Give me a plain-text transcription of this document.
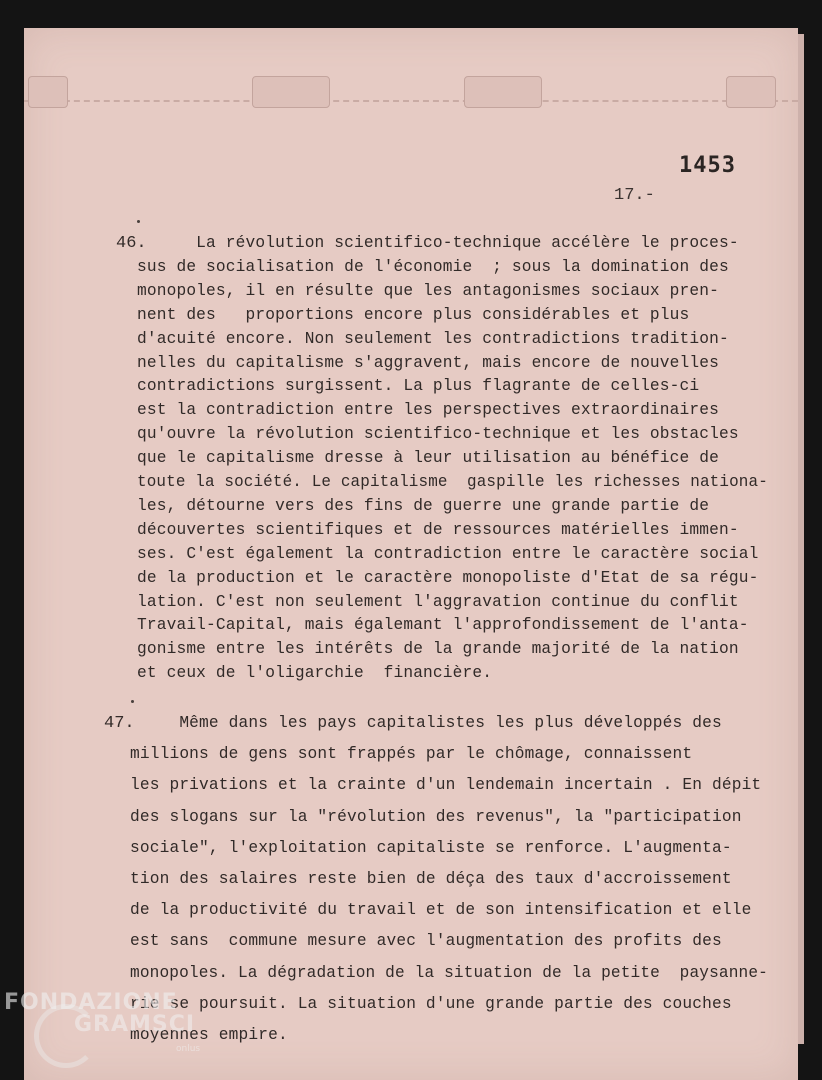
1453
17.-
46.
La révolution scientifico-technique accélère le proces-
sus de socialisation de l'économie  ; sous la domination des
monopoles, il en résulte que les antagonismes sociaux pren-
nent des   proportions encore plus considérables et plus
d'acuité encore. Non seulement les contradictions tradition-
nelles du capitalisme s'aggravent, mais encore de nouvelles
contradictions surgissent. La plus flagrante de celles-ci
est la contradiction entre les perspectives extraordinaires
qu'ouvre la révolution scientifico-technique et les obstacles
que le capitalisme dresse à leur utilisation au bénéfice de
toute la société. Le capitalisme  gaspille les richesses nationa-
les, détourne vers des fins de guerre une grande partie de
découvertes scientifiques et de ressources matérielles immen-
ses. C'est également la contradiction entre le caractère social
de la production et le caractère monopoliste d'Etat de sa régu-
lation. C'est non seulement l'aggravation continue du conflit
Travail-Capital, mais égalemant l'approfondissement de l'anta-
gonisme entre les intérêts de la grande majorité de la nation
et ceux de l'oligarchie  financière.
47.
Même dans les pays capitalistes les plus développés des
millions de gens sont frappés par le chômage, connaissent
les privations et la crainte d'un lendemain incertain . En dépit
des slogans sur la "révolution des revenus", la "participation
sociale", l'exploitation capitaliste se renforce. L'augmenta-
tion des salaires reste bien de déça des taux d'accroissement
de la productivité du travail et de son intensification et elle
est sans  commune mesure avec l'augmentation des profits des
monopoles. La dégradation de la situation de la petite  paysanne-
rie se poursuit. La situation d'une grande partie des couches
moyennes empire.
FONDAZIONE
GRAMSCI
onlus
